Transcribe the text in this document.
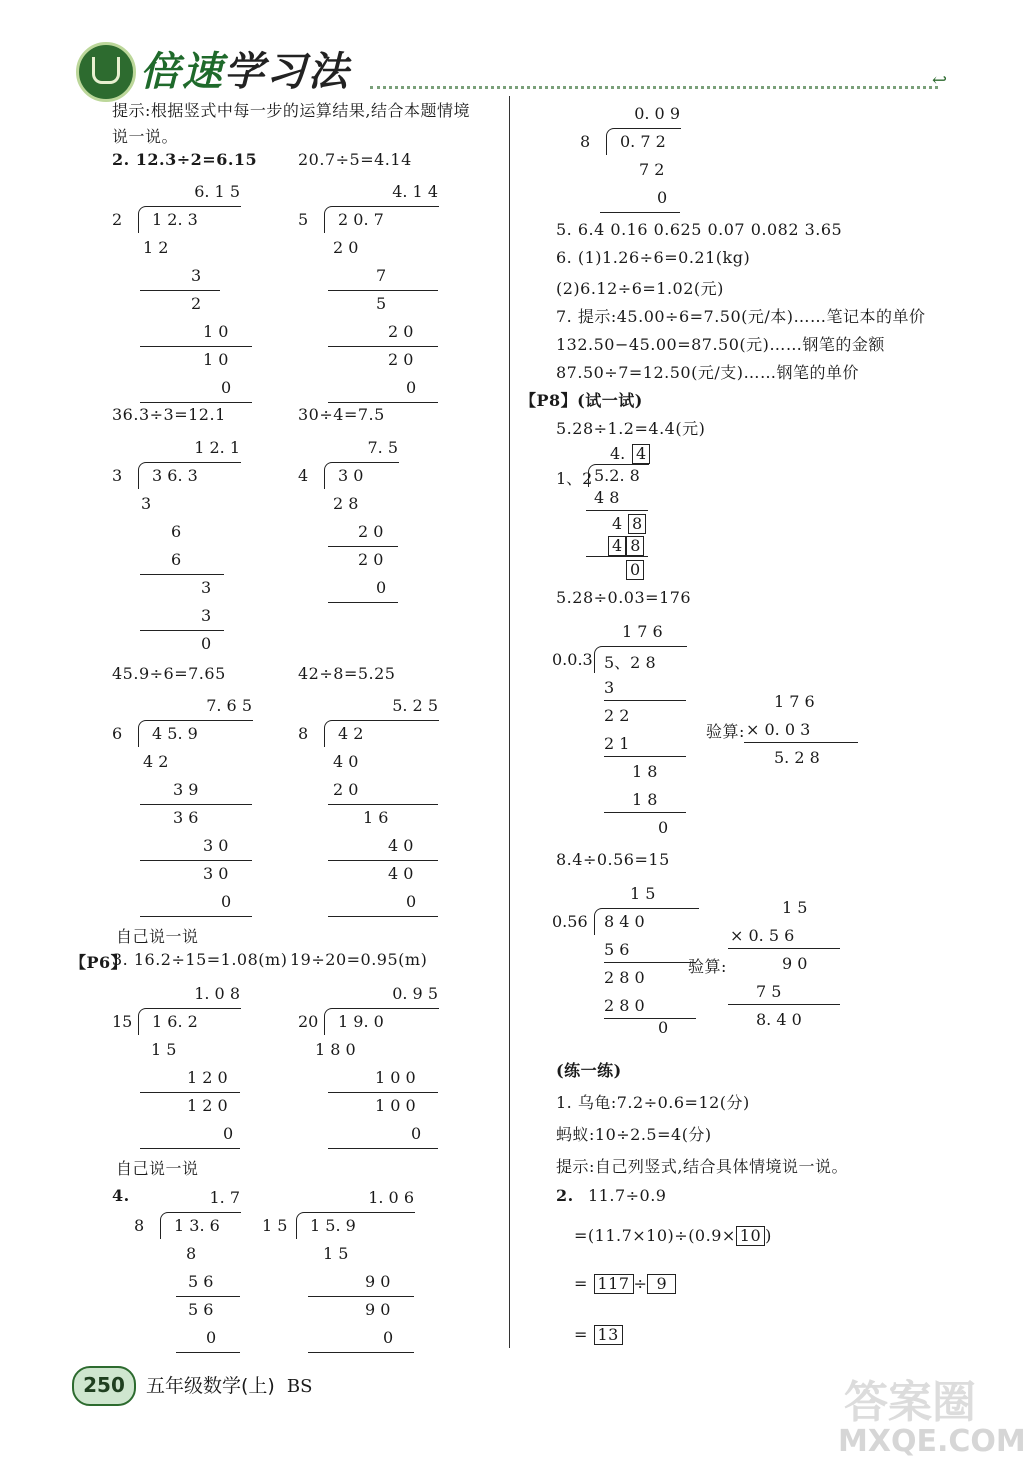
倍速学习法	↩
提示:根据竖式中每一步的运算结果,结合本题情境
说一说。
2. 12.3÷2=6.15	20.7÷5=4.14
36.3÷3=12.1	30÷4=7.5
45.9÷6=7.65	42÷8=5.25
自己说一说
【P6】
3. 16.2÷15=1.08(m) 19÷20=0.95(m)
自己说一说
4.
5. 6.4 0.16 0.625 0.07 0.082 3.65
6. (1)1.26÷6=0.21(kg)
(2)6.12÷6=1.02(元)
7. 提示:45.00÷6=7.50(元/本)……笔记本的单价
132.50−45.00=87.50(元)……钢笔的金额
87.50÷7=12.50(元/支)……钢笔的单价
【P8】(试一试)
5.28÷1.2=4.4(元)
5.28÷0.03=176
验算:
8.4÷0.56=15
验算:
(练一练)
1. 乌龟:7.2÷0.6=12(分)
蚂蚁:10÷2.5=4(分)
提示:自己列竖式,结合具体情境说一说。
2. 11.7÷0.9
=(11.7×10)÷(0.9× 10 )
= 117 ÷ 9
= 13
6. 1 5
2 1 2. 3
1 2
3
2
1 0
1 0
0
4. 1 4
5 2 0. 7
2 0
7
5
2 0
2 0
0
1 2. 1
3 3 6. 3
3
6
6
3
3
0
7. 5
4 3 0
2 8
2 0
2 0
0
7. 6 5
6 4 5. 9
4 2
3 9
3 6
3 0
3 0
0
5. 2 5
8 4 2
4 0
2 0
1 6
4 0
4 0
0
1. 0 8
15 1 6. 2
1 5
1 2 0
1 2 0
0
0. 9 5
20 1 9. 0
1 8 0
1 0 0
1 0 0
0
1. 7
8 1 3. 6
8
5 6
5 6
0
1. 0 6
1 5 1 5. 9
1 5
9 0
9 0
0
0. 0 9
8 0. 7 2
7 2
0
4. 4
1、2 5.2. 8
4 8
4 8
4 8
0
1 7 6
0.0.3 5、2 8
3
2 2
2 1
1 8
1 8
0
1 7 6
× 0. 0 3
5. 2 8
1 5
0.56 8 4 0
5 6
2 8 0
2 8 0
0
1 5
× 0. 5 6
9 0
7 5
8. 4 0
250	五年级数学(上) BS	答案圈
MXQE.COM
